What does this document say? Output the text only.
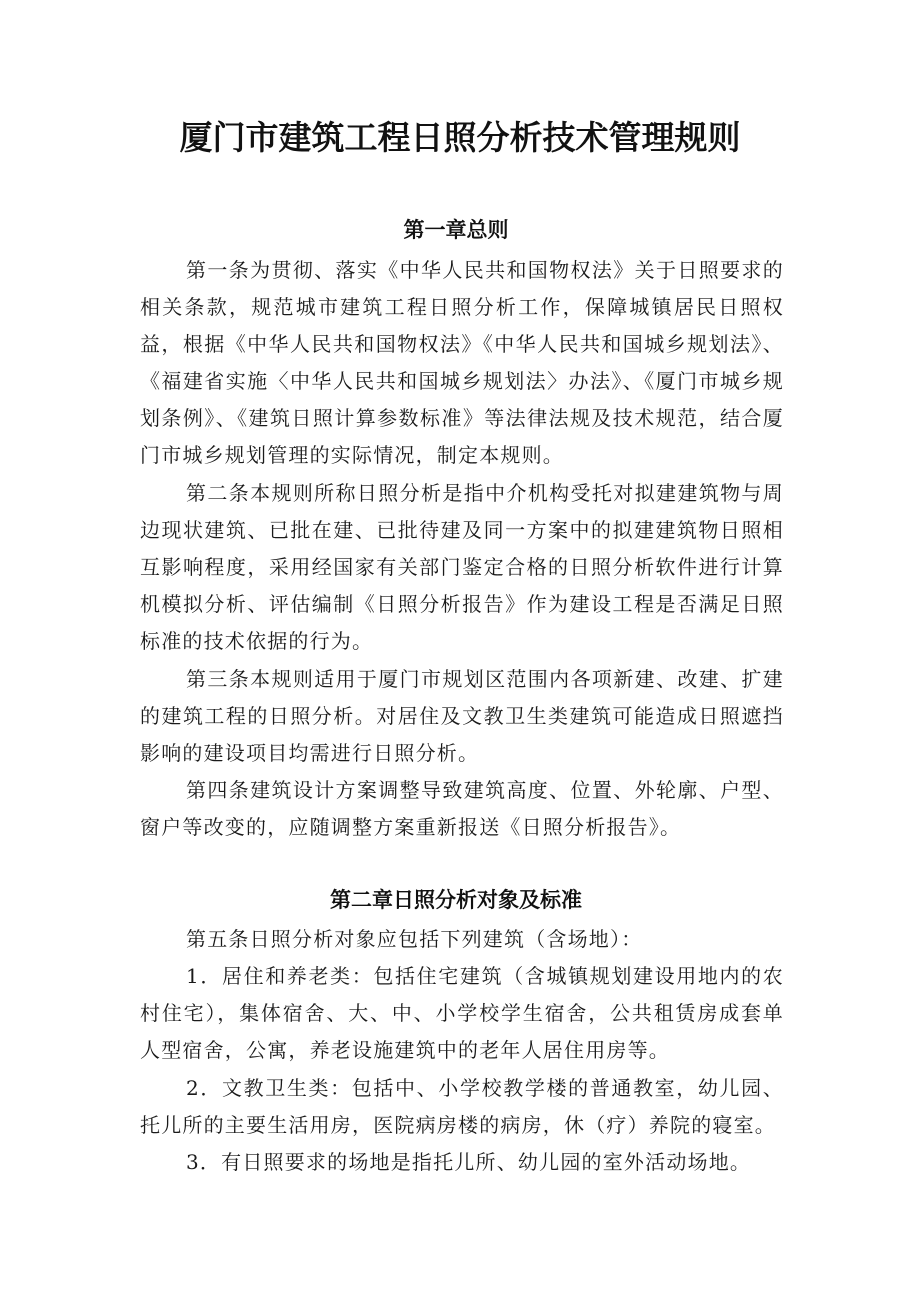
厦门市建筑工程日照分析技术管理规则
第一章总则

第一条为贯彻、落实《中华人民共和国物权法》关于日照要求的相关条款，规范城市建筑工程日照分析工作，保障城镇居民日照权益，根据《中华人民共和国物权法》《中华人民共和国城乡规划法》、《福建省实施〈中华人民共和国城乡规划法〉办法》、《厦门市城乡规划条例》、《建筑日照计算参数标准》等法律法规及技术规范，结合厦门市城乡规划管理的实际情况，制定本规则。

第二条本规则所称日照分析是指中介机构受托对拟建建筑物与周边现状建筑、已批在建、已批待建及同一方案中的拟建建筑物日照相互影响程度，采用经国家有关部门鉴定合格的日照分析软件进行计算机模拟分析、评估编制《日照分析报告》作为建设工程是否满足日照标准的技术依据的行为。

第三条本规则适用于厦门市规划区范围内各项新建、改建、扩建的建筑工程的日照分析。对居住及文教卫生类建筑可能造成日照遮挡影响的建设项目均需进行日照分析。

第四条建筑设计方案调整导致建筑高度、位置、外轮廓、户型、窗户等改变的，应随调整方案重新报送《日照分析报告》。

第二章日照分析对象及标准

第五条日照分析对象应包括下列建筑（含场地）：

1．居住和养老类：包括住宅建筑（含城镇规划建设用地内的农村住宅），集体宿舍、大、中、小学校学生宿舍，公共租赁房成套单人型宿舍，公寓，养老设施建筑中的老年人居住用房等。

2．文教卫生类：包括中、小学校教学楼的普通教室，幼儿园、托儿所的主要生活用房，医院病房楼的病房，休（疗）养院的寝室。

3．有日照要求的场地是指托儿所、幼儿园的室外活动场地。
